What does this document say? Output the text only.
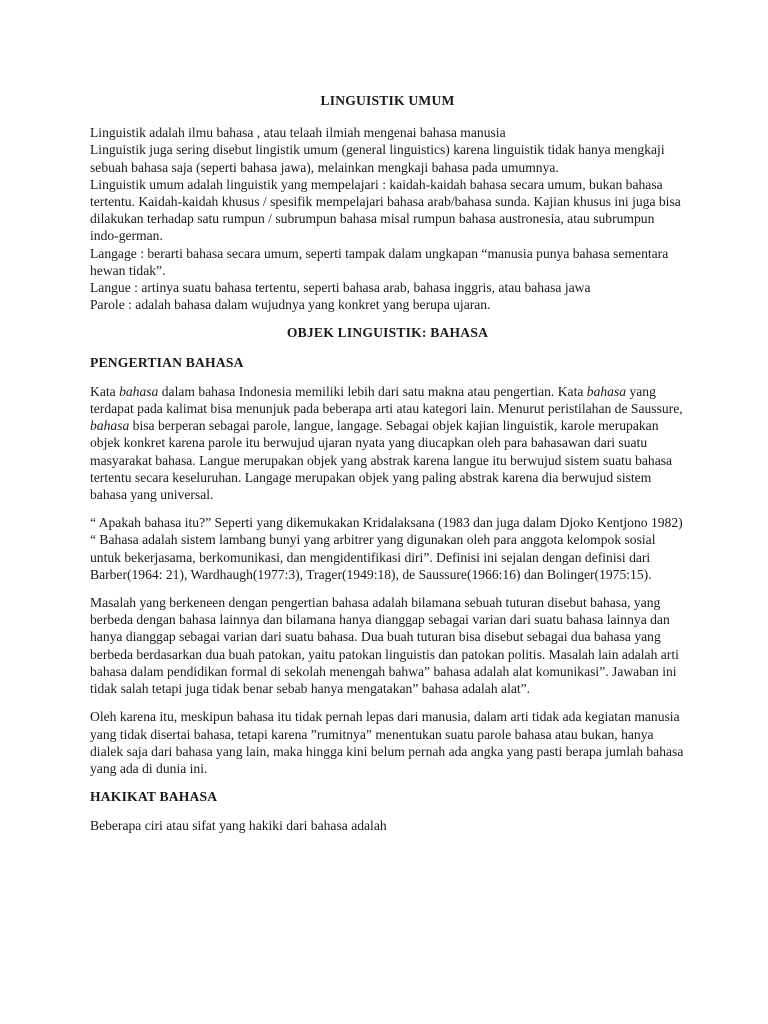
LINGUISTIK UMUM

Linguistik adalah ilmu bahasa , atau telaah ilmiah mengenai bahasa manusia

Linguistik juga sering disebut lingistik umum (general linguistics) karena linguistik tidak hanya mengkaji sebuah bahasa saja (seperti bahasa jawa), melainkan mengkaji bahasa pada umumnya.

Linguistik umum adalah linguistik yang mempelajari : kaidah-kaidah bahasa secara umum, bukan bahasa tertentu. Kaidah-kaidah khusus / spesifik mempelajari bahasa arab/bahasa sunda. Kajian khusus ini juga bisa dilakukan terhadap satu rumpun / subrumpun bahasa misal rumpun bahasa austronesia, atau subrumpun indo-german.

Langage : berarti bahasa secara umum, seperti tampak dalam ungkapan “manusia punya bahasa sementara hewan tidak”.

Langue : artinya suatu bahasa tertentu, seperti bahasa arab, bahasa inggris, atau bahasa jawa

Parole : adalah bahasa dalam wujudnya yang konkret yang berupa ujaran.

OBJEK LINGUISTIK: BAHASA
PENGERTIAN BAHASA
Kata bahasa dalam bahasa Indonesia memiliki lebih dari satu makna atau pengertian. Kata bahasa yang terdapat pada kalimat bisa menunjuk pada beberapa arti atau kategori lain. Menurut peristilahan de Saussure, bahasa bisa berperan sebagai parole, langue, langage. Sebagai objek kajian linguistik, karole merupakan objek konkret karena parole itu berwujud ujaran nyata yang diucapkan oleh para bahasawan dari suatu masyarakat bahasa. Langue merupakan objek yang abstrak karena langue itu berwujud sistem suatu bahasa tertentu secara keseluruhan. Langage merupakan objek yang paling abstrak karena dia berwujud sistem bahasa yang universal.
“ Apakah bahasa itu?” Seperti yang dikemukakan Kridalaksana (1983 dan juga dalam Djoko Kentjono 1982) “ Bahasa adalah sistem lambang bunyi yang arbitrer yang digunakan oleh para anggota kelompok sosial untuk bekerjasama, berkomunikasi, dan mengidentifikasi diri”. Definisi ini sejalan dengan definisi dari Barber(1964: 21), Wardhaugh(1977:3), Trager(1949:18), de Saussure(1966:16) dan Bolinger(1975:15).
Masalah yang berkeneen dengan pengertian bahasa adalah bilamana sebuah tuturan disebut bahasa, yang berbeda dengan bahasa lainnya dan bilamana hanya dianggap sebagai varian dari suatu bahasa lainnya dan hanya dianggap sebagai varian dari suatu bahasa. Dua buah tuturan bisa disebut sebagai dua bahasa yang berbeda berdasarkan dua buah patokan, yaitu patokan linguistis dan patokan politis. Masalah lain adalah arti bahasa dalam pendidikan formal di sekolah menengah bahwa” bahasa adalah alat komunikasi”. Jawaban ini tidak salah tetapi juga tidak benar sebab hanya mengatakan” bahasa adalah alat”.
Oleh karena itu, meskipun bahasa itu tidak pernah lepas dari manusia, dalam arti tidak ada kegiatan manusia yang tidak disertai bahasa, tetapi karena ”rumitnya” menentukan suatu parole bahasa atau bukan, hanya dialek saja dari bahasa yang lain, maka hingga kini belum pernah ada angka yang pasti berapa jumlah bahasa yang ada di dunia ini.
HAKIKAT BAHASA
Beberapa ciri atau sifat yang hakiki dari bahasa adalah
